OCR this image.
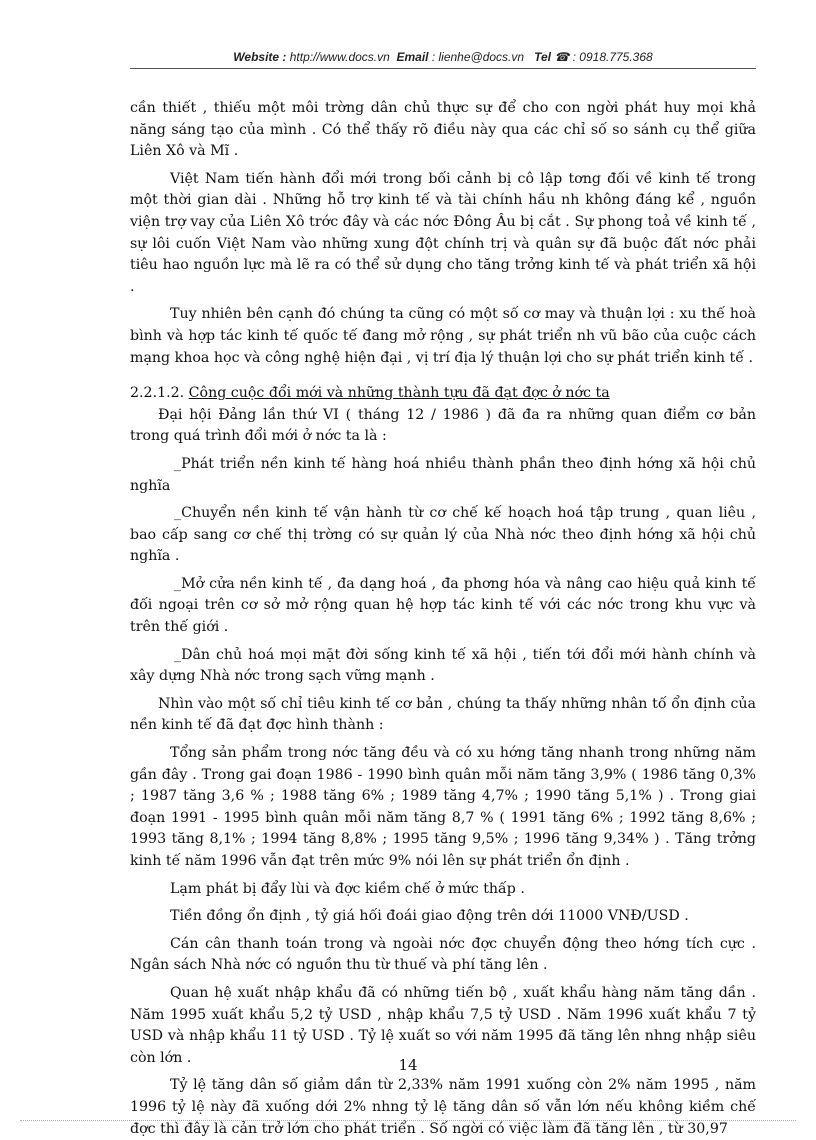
Website : http://www.docs.vn Email : lienhe@docs.vn Tel ☎ : 0918.775.368

cần thiết , thiếu một môi trờng dân chủ thực sự để cho con ngời phát huy mọi khả năng sáng tạo của mình . Có thể thấy rõ điều này qua các chỉ số so sánh cụ thể giữa Liên Xô và Mĩ .

Việt Nam tiến hành đổi mới trong bối cảnh bị cô lập tơng đối về kinh tế trong một thời gian dài . Những hỗ trợ kinh tế và tài chính hầu nh không đáng kể , nguồn viện trợ vay của Liên Xô trớc đây và các nớc Đông Âu bị cắt . Sự phong toả về kinh tế , sự lôi cuốn Việt Nam vào những xung đột chính trị và quân sự đã buộc đất nớc phải tiêu hao nguồn lực mà lẽ ra có thể sử dụng cho tăng trởng kinh tế và phát triển xã hội .

Tuy nhiên bên cạnh đó chúng ta cũng có một số cơ may và thuận lợi : xu thế hoà bình và hợp tác kinh tế quốc tế đang mở rộng , sự phát triển nh vũ bão của cuộc cách mạng khoa học và công nghệ hiện đại , vị trí địa lý thuận lợi cho sự phát triển kinh tế .

2.2.1.2. Công cuộc đổi mới và những thành tựu đã đạt đợc ở nớc ta

Đại hội Đảng lần thứ VI ( tháng 12 / 1986 ) đã đa ra những quan điểm cơ bản trong quá trình đổi mới ở nớc ta là :

_Phát triển nền kinh tế hàng hoá nhiều thành phần theo định hớng xã hội chủ nghĩa

_Chuyển nền kinh tế vận hành từ cơ chế kế hoạch hoá tập trung , quan liêu , bao cấp sang cơ chế thị trờng có sự quản lý của Nhà nớc theo định hớng xã hội chủ nghĩa .

_Mở cửa nền kinh tế , đa dạng hoá , đa phơng hóa và nâng cao hiệu quả kinh tế đối ngoại trên cơ sở mở rộng quan hệ hợp tác kinh tế với các nớc trong khu vực và trên thế giới .

_Dân chủ hoá mọi mặt đời sống kinh tế xã hội , tiến tới đổi mới hành chính và xây dựng Nhà nớc trong sạch vững mạnh .

Nhìn vào một số chỉ tiêu kinh tế cơ bản , chúng ta thấy những nhân tố ổn định của nền kinh tế đã đạt đợc hình thành :

Tổng sản phẩm trong nớc tăng đều và có xu hớng tăng nhanh trong những năm gần đây . Trong gai đoạn 1986 - 1990 bình quân mỗi năm tăng 3,9% ( 1986 tăng 0,3% ; 1987 tăng 3,6 % ; 1988 tăng 6% ; 1989 tăng 4,7% ; 1990 tăng 5,1% ) . Trong giai đoạn 1991 - 1995 bình quân mỗi năm tăng 8,7 % ( 1991 tăng 6% ; 1992 tăng 8,6% ; 1993 tăng 8,1% ; 1994 tăng 8,8% ; 1995 tăng 9,5% ; 1996 tăng 9,34% ) . Tăng trởng kinh tế năm 1996 vẫn đạt trên mức 9% nói lên sự phát triển ổn định .

Lạm phát bị đẩy lùi và đợc kiềm chế ở mức thấp .

Tiền đồng ổn định , tỷ giá hối đoái giao động trên dới 11000 VNĐ/USD .

Cán cân thanh toán trong và ngoài nớc đợc chuyển động theo hớng tích cực . Ngân sách Nhà nớc có nguồn thu từ thuế và phí tăng lên .

Quan hệ xuất nhập khẩu đã có những tiến bộ , xuất khẩu hàng năm tăng dần . Năm 1995 xuất khẩu 5,2 tỷ USD , nhập khẩu 7,5 tỷ USD . Năm 1996 xuất khẩu 7 tỷ USD và nhập khẩu 11 tỷ USD . Tỷ lệ xuất so với năm 1995 đã tăng lên nhng nhập siêu còn lớn .

Tỷ lệ tăng dân số giảm dần từ 2,33% năm 1991 xuống còn 2% năm 1995 , năm 1996 tỷ lệ này đã xuống dới 2% nhng tỷ lệ tăng dân số vẫn lớn nếu không kiềm chế đợc thì đây là cản trở lớn cho phát triển . Số ngời có việc làm đã tăng lên , từ 30,97

14
